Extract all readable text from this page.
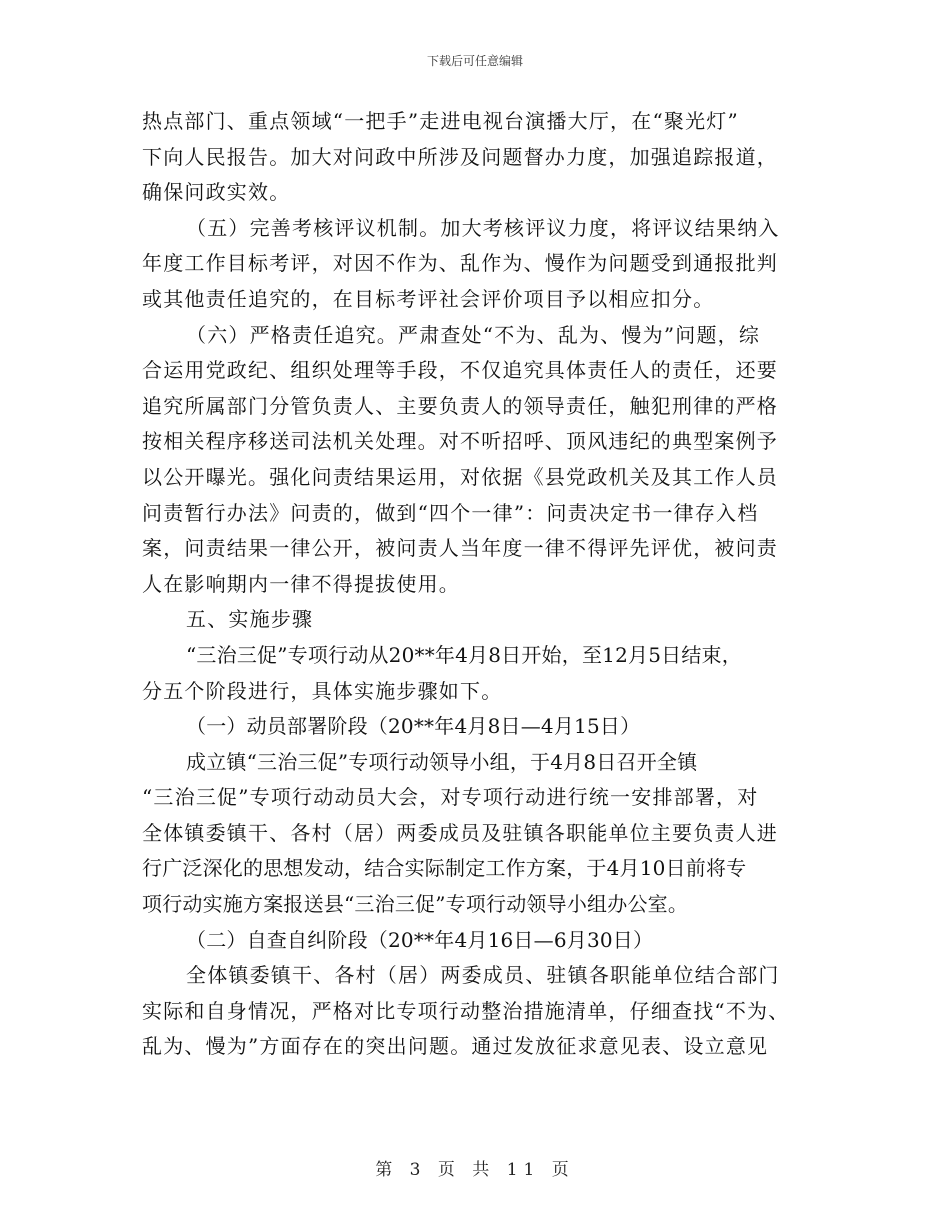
下载后可任意编辑
热点部门、重点领域“一把手”走进电视台演播大厅，在“聚光灯”
下向人民报告。加大对问政中所涉及问题督办力度，加强追踪报道，
确保问政实效。
（五）完善考核评议机制。加大考核评议力度，将评议结果纳入
年度工作目标考评，对因不作为、乱作为、慢作为问题受到通报批判
或其他责任追究的，在目标考评社会评价项目予以相应扣分。
（六）严格责任追究。严肃查处“不为、乱为、慢为”问题，综
合运用党政纪、组织处理等手段，不仅追究具体责任人的责任，还要
追究所属部门分管负责人、主要负责人的领导责任，触犯刑律的严格
按相关程序移送司法机关处理。对不听招呼、顶风违纪的典型案例予
以公开曝光。强化问责结果运用，对依据《县党政机关及其工作人员
问责暂行办法》问责的，做到“四个一律”：问责决定书一律存入档
案，问责结果一律公开，被问责人当年度一律不得评先评优，被问责
人在影响期内一律不得提拔使用。
五、实施步骤
“三治三促”专项行动从20**年4月8日开始，至12月5日结束，
分五个阶段进行，具体实施步骤如下。
（一）动员部署阶段（20**年4月8日—4月15日）
成立镇“三治三促”专项行动领导小组，于4月8日召开全镇
“三治三促”专项行动动员大会，对专项行动进行统一安排部署，对
全体镇委镇干、各村（居）两委成员及驻镇各职能单位主要负责人进
行广泛深化的思想发动，结合实际制定工作方案，于4月10日前将专
项行动实施方案报送县“三治三促”专项行动领导小组办公室。
（二）自查自纠阶段（20**年4月16日—6月30日）
全体镇委镇干、各村（居）两委成员、驻镇各职能单位结合部门
实际和自身情况，严格对比专项行动整治措施清单，仔细查找“不为、
乱为、慢为”方面存在的突出问题。通过发放征求意见表、设立意见
第 3 页 共 11 页
